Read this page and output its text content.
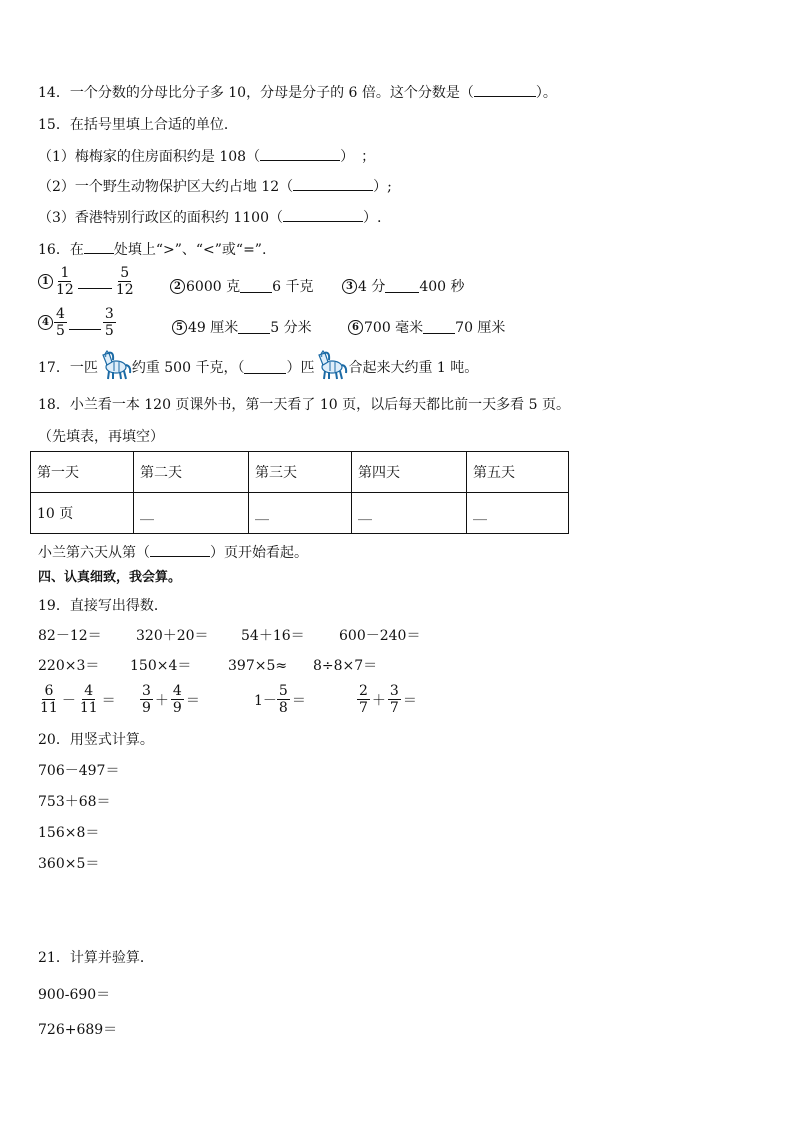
14．一个分数的分母比分子多 10，分母是分子的 6 倍。这个分数是（	）。
15．在括号里填上合适的单位．
（1）梅梅家的住房面积约是 108（	）　；
（2）一个野生动物保护区大约占地 12（	）;
（3）香港特别行政区的面积约 1100（	）.
16．在 处填上“>”、“<”或“=”.
$1 \frac{1}{12}$	$\frac{5}{12}$	2 6000 克 6 千克	3 4 分 400 秒
$4 \frac{4}{5}$	$\frac{3}{5}$	5 49 厘米 5 分米	6 700 毫米 70 厘米
17．一匹 约重 500 千克，（	）匹 合起来大约重 1 吨。
18．小兰看一本 120 页课外书，第一天看了 10 页，以后每天都比前一天多看 5 页。
（先填表，再填空）
第一天	第二天	第三天	第四天	第五天
10 页	__	__	__	__
小兰第六天从第（	）页开始看起。
四、认真细致，我会算。
19．直接写出得数．
82－12＝ 320＋20＝ 54＋16＝ 600－240＝
220×3＝ 150×4＝	397×5≈ 8÷8×7＝
$\frac{6}{11} - \frac{4}{11} = \frac{3}{9} + \frac{4}{9}$ ＝	$1- \frac{5}{8}$ ＝	$\frac{2}{7} + \frac{3}{7}$ ＝
20．用竖式计算。
706－497＝
753＋68＝
156×8＝
360×5＝
21．计算并验算．
900-690＝
726+689＝
